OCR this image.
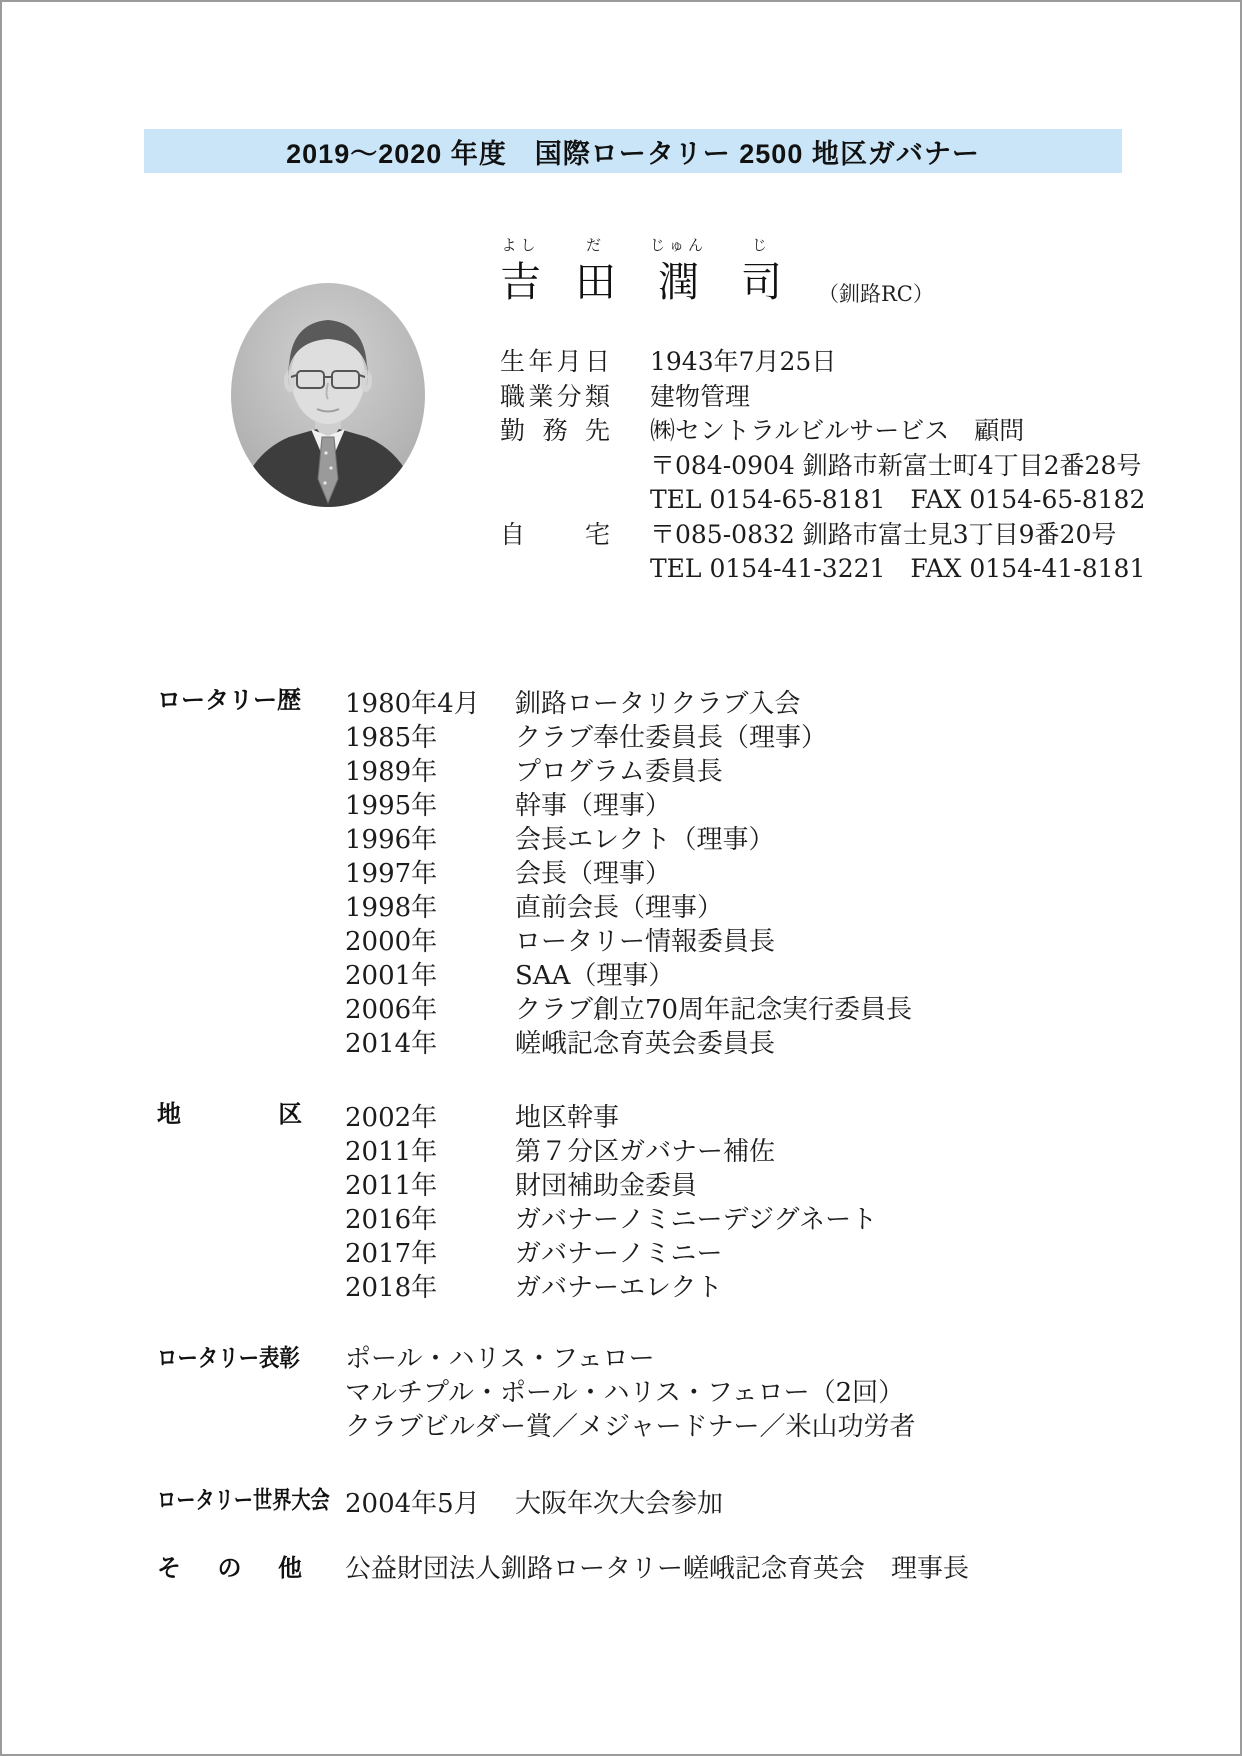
2019～2020 年度　国際ロータリー 2500 地区ガバナー
よし
吉
だ
田
じゅん
潤
じ
司 （釧路RC）
生年月日 1943年7月25日
職業分類 建物管理
勤務先 ㈱セントラルビルサービス　顧問
〒084-0904 釧路市新富士町4丁目2番28号
TEL 0154-65-8181　FAX 0154-65-8182
自宅 〒085-0832 釧路市富士見3丁目9番20号
TEL 0154-41-3221　FAX 0154-41-8181
ロータリー歴 1980年4月	釧路ロータリクラブ入会
1985年	クラブ奉仕委員長（理事）
1989年	プログラム委員長
1995年	幹事（理事）
1996年	会長エレクト（理事）
1997年	会長（理事）
1998年	直前会長（理事）
2000年	ロータリー情報委員長
2001年	SAA（理事）
2006年	クラブ創立70周年記念実行委員長
2014年	嵯峨記念育英会委員長
地区 2002年	地区幹事
2011年	第７分区ガバナー補佐
2011年	財団補助金委員
2016年	ガバナーノミニーデジグネート
2017年	ガバナーノミニー
2018年	ガバナーエレクト
ロータリー表彰 ポール・ハリス・フェロー
マルチプル・ポール・ハリス・フェロー（2回）
クラブビルダー賞／メジャードナー／米山功労者
ロータリー世界大会 2004年5月	大阪年次大会参加
その他 公益財団法人釧路ロータリー嵯峨記念育英会　理事長
